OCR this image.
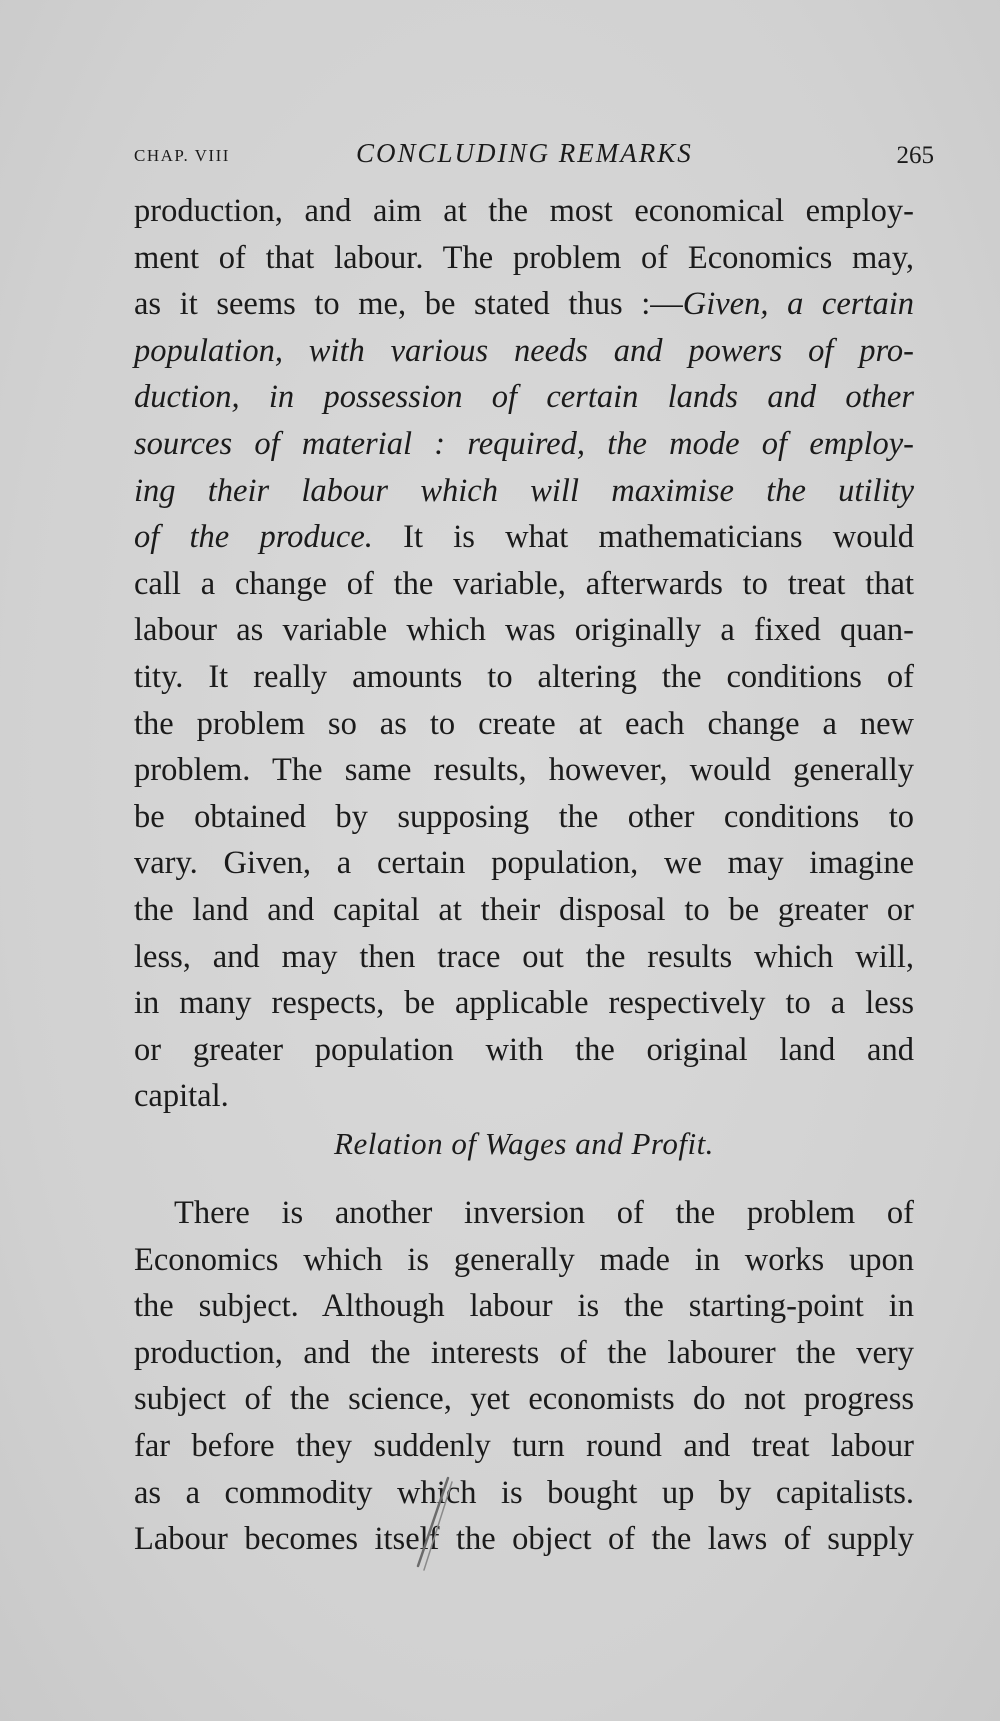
CHAP. VIII	CONCLUDING REMARKS	265
production, and aim at the most economical employ-
ment of that labour. The problem of Economics may,
as it seems to me, be stated thus :—Given, a certain
population, with various needs and powers of pro-
duction, in possession of certain lands and other
sources of material : required, the mode of employ-
ing their labour which will maximise the utility
of the produce. It is what mathematicians would
call a change of the variable, afterwards to treat that
labour as variable which was originally a fixed quan-
tity. It really amounts to altering the conditions of
the problem so as to create at each change a new
problem. The same results, however, would generally
be obtained by supposing the other conditions to
vary. Given, a certain population, we may imagine
the land and capital at their disposal to be greater or
less, and may then trace out the results which will,
in many respects, be applicable respectively to a less
or greater population with the original land and
capital.
Relation of Wages and Profit.
There is another inversion of the problem of
Economics which is generally made in works upon
the subject. Although labour is the starting-point in
production, and the interests of the labourer the very
subject of the science, yet economists do not progress
far before they suddenly turn round and treat labour
as a commodity which is bought up by capitalists.
Labour becomes itself the object of the laws of supply
